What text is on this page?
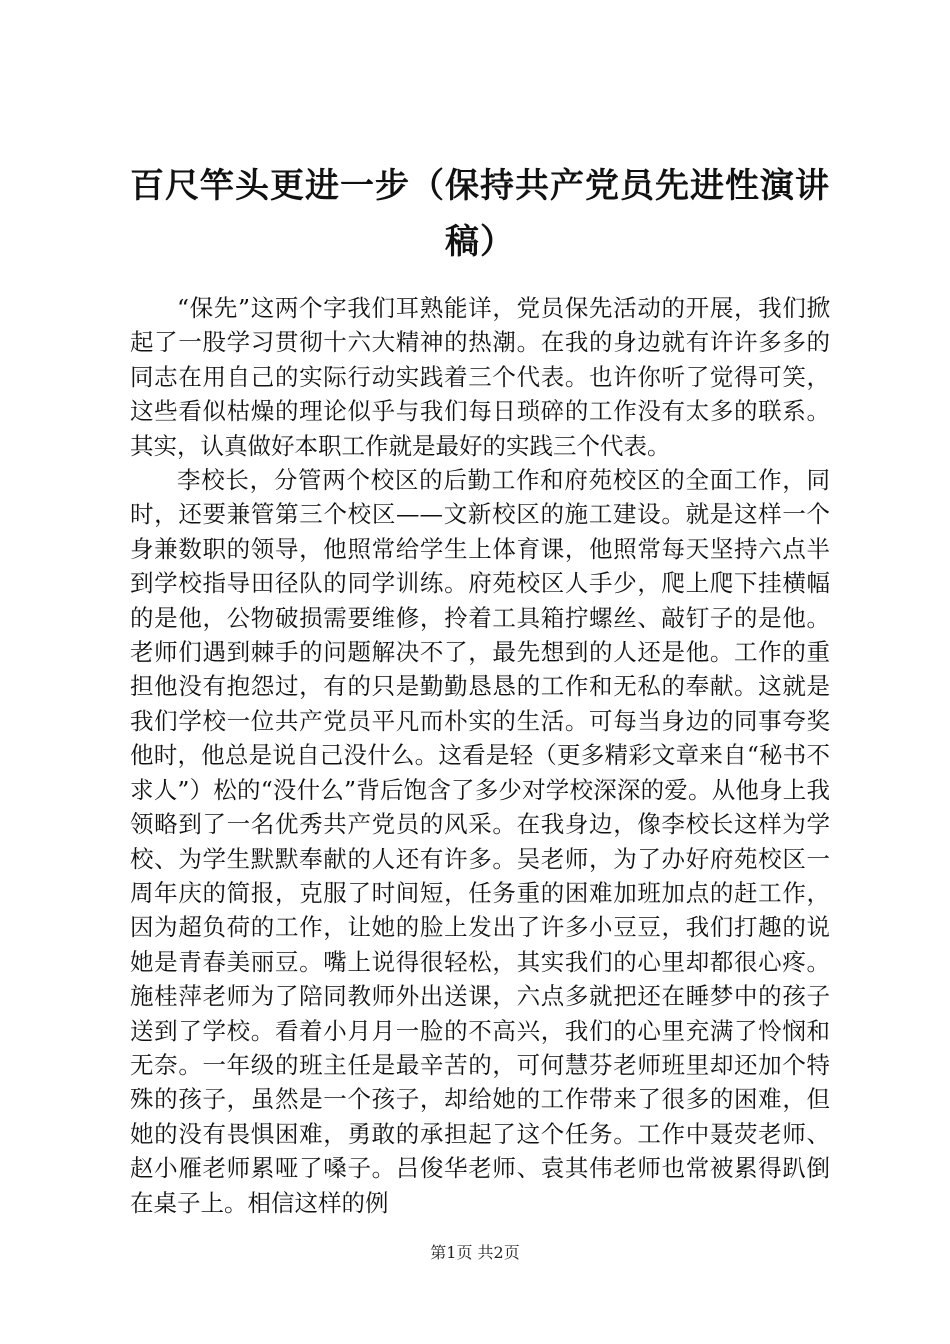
百尺竿头更进一步（保持共产党员先进性演讲稿）

“保先”这两个字我们耳熟能详，党员保先活动的开展，我们掀起了一股学习贯彻十六大精神的热潮。在我的身边就有许许多多的同志在用自己的实际行动实践着三个代表。也许你听了觉得可笑，这些看似枯燥的理论似乎与我们每日琐碎的工作没有太多的联系。其实，认真做好本职工作就是最好的实践三个代表。

李校长，分管两个校区的后勤工作和府苑校区的全面工作，同时，还要兼管第三个校区——文新校区的施工建设。就是这样一个身兼数职的领导，他照常给学生上体育课，他照常每天坚持六点半到学校指导田径队的同学训练。府苑校区人手少，爬上爬下挂横幅的是他，公物破损需要维修，拎着工具箱拧螺丝、敲钉子的是他。老师们遇到棘手的问题解决不了，最先想到的人还是他。工作的重担他没有抱怨过，有的只是勤勤恳恳的工作和无私的奉献。这就是我们学校一位共产党员平凡而朴实的生活。可每当身边的同事夸奖他时，他总是说自己没什么。这看是轻（更多精彩文章来自“秘书不求人”）松的“没什么”背后饱含了多少对学校深深的爱。从他身上我领略到了一名优秀共产党员的风采。在我身边，像李校长这样为学校、为学生默默奉献的人还有许多。吴老师，为了办好府苑校区一周年庆的简报，克服了时间短，任务重的困难加班加点的赶工作，因为超负荷的工作，让她的脸上发出了许多小豆豆，我们打趣的说她是青春美丽豆。嘴上说得很轻松，其实我们的心里却都很心疼。施桂萍老师为了陪同教师外出送课，六点多就把还在睡梦中的孩子送到了学校。看着小月月一脸的不高兴，我们的心里充满了怜悯和无奈。一年级的班主任是最辛苦的，可何慧芬老师班里却还加个特殊的孩子，虽然是一个孩子，却给她的工作带来了很多的困难，但她的没有畏惧困难，勇敢的承担起了这个任务。工作中聂荧老师、赵小雁老师累哑了嗓子。吕俊华老师、袁其伟老师也常被累得趴倒在桌子上。相信这样的例

第1页 共2页
